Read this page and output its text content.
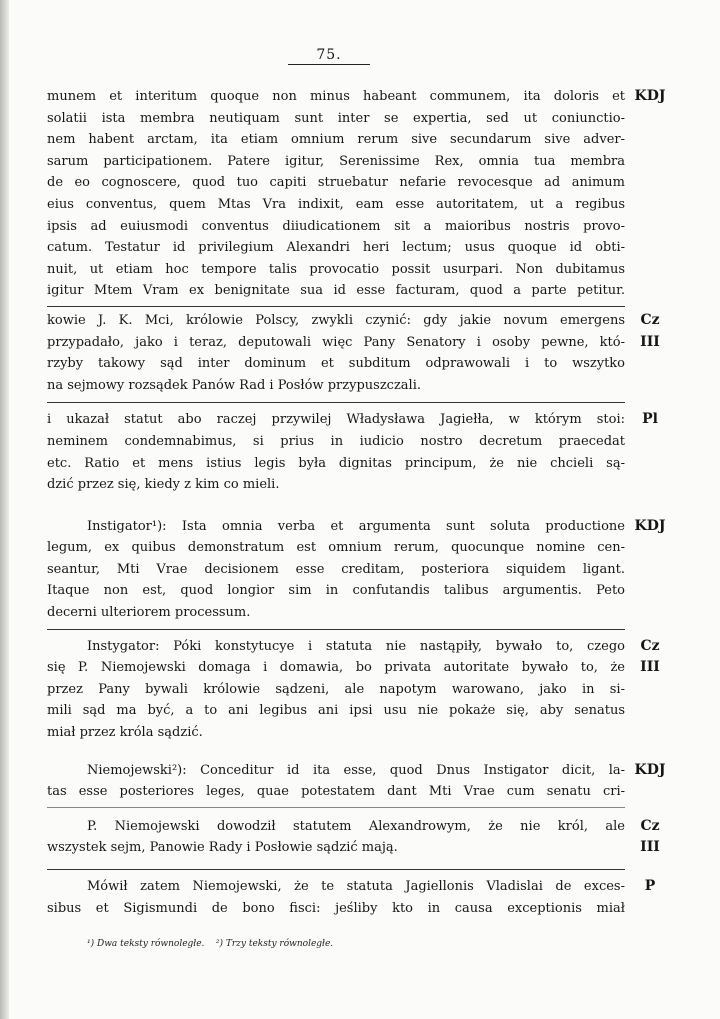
75.
KDJ
munem et interitum quoque non minus habeant communem, ita doloris et
solatii ista membra neutiquam sunt inter se expertia, sed ut coniunctio-
nem habent arctam, ita etiam omnium rerum sive secundarum sive adver-
sarum participationem. Patere igitur, Serenissime Rex, omnia tua membra
de eo cognoscere, quod tuo capiti struebatur nefarie revocesque ad animum
eius conventus, quem Mtas Vra indixit, eam esse autoritatem, ut a regibus
ipsis ad euiusmodi conventus diiudicationem sit a maioribus nostris provo-
catum. Testatur id privilegium Alexandri heri lectum; usus quoque id obti-
nuit, ut etiam hoc tempore talis provocatio possit usurpari. Non dubitamus
igitur Mtem Vram ex benignitate sua id esse facturam, quod a parte petitur.
Cz
III
kowie J. K. Mci, królowie Polscy, zwykli czynić: gdy jakie novum emergens
przypadało, jako i teraz, deputowali więc Pany Senatory i osoby pewne, któ-
rzyby takowy sąd inter dominum et subditum odprawowali i to wszytko
na sejmowy rozsądek Panów Rad i Posłów przypuszczali.
Pl
i ukazał statut abo raczej przywilej Władysława Jagiełła, w którym stoi:
neminem condemnabimus, si prius in iudicio nostro decretum praecedat
etc. Ratio et mens istius legis była dignitas principum, że nie chcieli są-
dzić przez się, kiedy z kim co mieli.
KDJ
Instigator¹): Ista omnia verba et argumenta sunt soluta productione
legum, ex quibus demonstratum est omnium rerum, quocunque nomine cen-
seantur, Mti Vrae decisionem esse creditam, posteriora siquidem ligant.
Itaque non est, quod longior sim in confutandis talibus argumentis. Peto
decerni ulteriorem processum.
Cz
III
Instygator: Póki konstytucye i statuta nie nastąpiły, bywało to, czego
się P. Niemojewski domaga i domawia, bo privata autoritate bywało to, że
przez Pany bywali królowie sądzeni, ale napotym warowano, jako in si-
mili sąd ma być, a to ani legibus ani ipsi usu nie pokaże się, aby senatus
miał przez króla sądzić.
KDJ
Niemojewski²): Conceditur id ita esse, quod Dnus Instigator dicit, la-
tas esse posteriores leges, quae potestatem dant Mti Vrae cum senatu cri-
Cz
III
P. Niemojewski dowodził statutem Alexandrowym, że nie król, ale
wszystek sejm, Panowie Rady i Posłowie sądzić mają.
P
Mówił zatem Niemojewski, że te statuta Jagiellonis Vladislai de exces-
sibus et Sigismundi de bono fisci: jeśliby kto in causa exceptionis miał
¹) Dwa teksty równoległe. ²) Trzy teksty równoległe.
